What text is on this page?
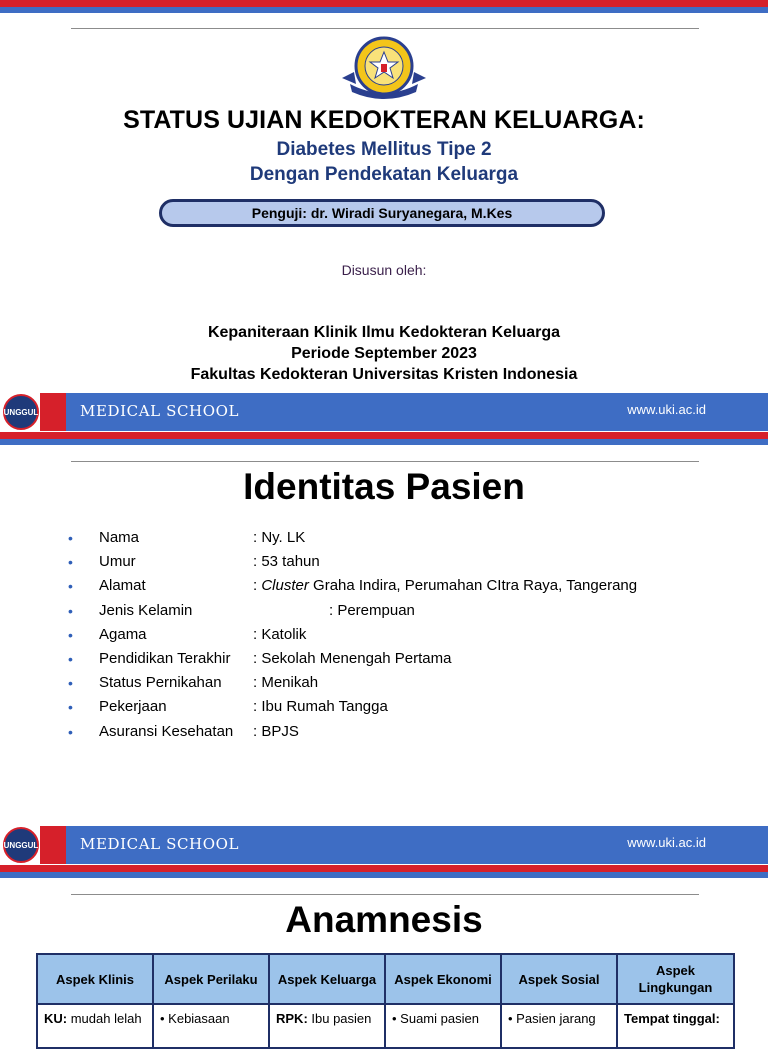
STATUS UJIAN KEDOKTERAN KELUARGA:
Diabetes Mellitus Tipe 2
Dengan Pendekatan Keluarga
Penguji: dr. Wiradi Suryanegara, M.Kes
Disusun oleh:
Kepaniteraan Klinik Ilmu Kedokteran Keluarga
Periode September 2023
Fakultas Kedokteran Universitas Kristen Indonesia
UNGGUL	MEDICAL SCHOOL	www.uki.ac.id
UNGGUL	MEDICAL SCHOOL	www.uki.ac.id
Identitas Pasien
• Nama	: Ny. LK
• Umur	: 53 tahun
• Alamat	: Cluster Graha Indira, Perumahan CItra Raya, Tangerang
• Jenis Kelamin	: Perempuan
• Agama	: Katolik
• Pendidikan Terakhir : Sekolah Menengah Pertama
• Status Pernikahan : Menikah
• Pekerjaan	: Ibu Rumah Tangga
• Asuransi Kesehatan : BPJS
Anamnesis
Aspek Klinis	Aspek Perilaku	Aspek Keluarga	Aspek Ekonomi	Aspek Sosial	Aspek Lingkungan
KU: mudah lelah	• Kebiasaan	RPK: Ibu pasien	• Suami pasien	• Pasien jarang	Tempat tinggal:
